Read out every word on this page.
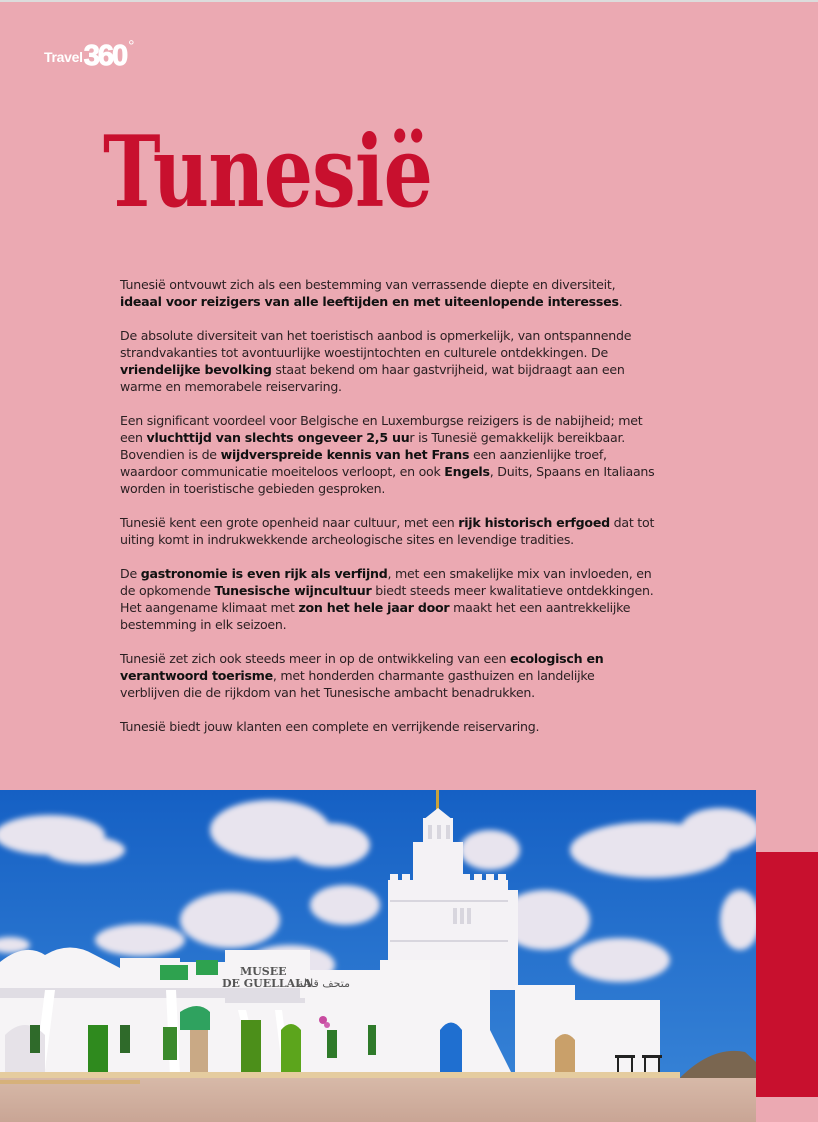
Travel 360 °
Tunesië

Tunesië ontvouwt zich als een bestemming van verrassende diepte en diversiteit, ideaal voor reizigers van alle leeftijden en met uiteenlopende interesses.

De absolute diversiteit van het toeristisch aanbod is opmerkelijk, van ontspannende strandvakanties tot avontuurlijke woestijntochten en culturele ontdekkingen. De vriendelijke bevolking staat bekend om haar gastvrijheid, wat bijdraagt aan een warme en memorabele reiservaring.

Een significant voordeel voor Belgische en Luxemburgse reizigers is de nabijheid; met een vluchttijd van slechts ongeveer 2,5 uur is Tunesië gemakkelijk bereikbaar. Bovendien is de wijdverspreide kennis van het Frans een aanzienlijke troef, waardoor communicatie moeiteloos verloopt, en ook Engels, Duits, Spaans en Italiaans worden in toeristische gebieden gesproken.

Tunesië kent een grote openheid naar cultuur, met een rijk historisch erfgoed dat tot uiting komt in indrukwekkende archeologische sites en levendige tradities.

De gastronomie is even rijk als verfijnd, met een smakelijke mix van invloeden, en de opkomende Tunesische wijncultuur biedt steeds meer kwalitatieve ontdekkingen. Het aangename klimaat met zon het hele jaar door maakt het een aantrekkelijke bestemming in elk seizoen.

Tunesië zet zich ook steeds meer in op de ontwikkeling van een ecologisch en verantwoord toerisme, met honderden charmante gasthuizen en landelijke verblijven die de rijkdom van het Tunesische ambacht benadrukken.

Tunesië biedt jouw klanten een complete en verrijkende reiservaring.

MUSEE
DE GUELLALA
متحف قلالة
